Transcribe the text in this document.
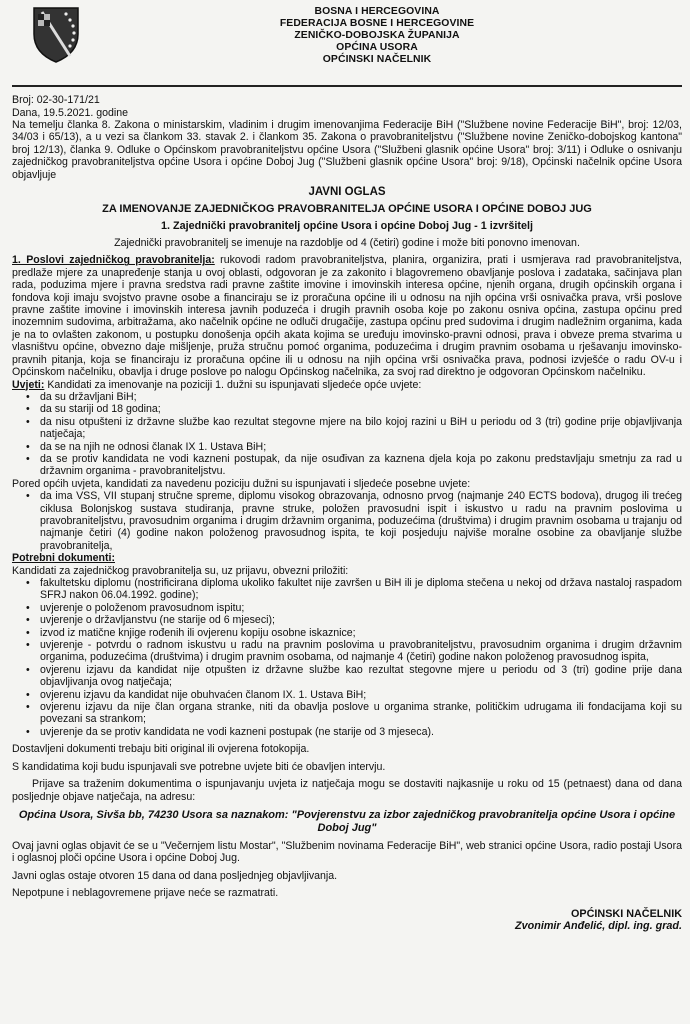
BOSNA I HERCEGOVINA
FEDERACIJA BOSNE I HERCEGOVINE
ZENIČKO-DOBOJSKA ŽUPANIJA
OPĆINA USORA
OPĆINSKI NAČELNIK
Broj: 02-30-171/21
Dana, 19.5.2021. godine
Na temelju članka 8. Zakona o ministarskim, vladinim i drugim imenovanjima Federacije BiH ("Službene novine Federacije BiH", broj: 12/03, 34/03 i 65/13), a u vezi sa člankom 33. stavak 2. i člankom 35. Zakona o pravobraniteljstvu ("Službene novine Zeničko-dobojskog kantona" broj 12/13), članka 9. Odluke o Općinskom pravobraniteljstvu općine Usora ("Službeni glasnik općine Usora" broj: 3/11) i Odluke o osnivanju zajedničkog pravobraniteljstva općine Usora i općine Doboj Jug ("Službeni glasnik općine Usora" broj: 9/18), Općinski načelnik općine Usora objavljuje
JAVNI OGLAS
ZA IMENOVANJE ZAJEDNIČKOG PRAVOBRANITELJA OPĆINE USORA I OPĆINE DOBOJ JUG
1. Zajednički pravobranitelj općine Usora i općine Doboj Jug - 1 izvršitelj
Zajednički pravobranitelj se imenuje na razdoblje od 4 (četiri) godine i može biti ponovno imenovan.
1. Poslovi zajedničkog pravobranitelja: rukovodi radom pravobraniteljstva, planira, organizira, prati i usmjerava rad pravobraniteljstva, predlaže mjere za unapređenje stanja u ovoj oblasti, odgovoran je za zakonito i blagovremeno obavljanje poslova i zadataka, sačinjava plan rada, poduzima mjere i pravna sredstva radi pravne zaštite imovine i imovinskih interesa općine, njenih organa, drugih općinskih organa i fondova koji imaju svojstvo pravne osobe a financiraju se iz proračuna općine ili u odnosu na njih općina vrši osnivačka prava, vrši poslove pravne zaštite imovine i imovinskih interesa javnih poduzeća i drugih pravnih osoba koje po zakonu osniva općina, zastupa općinu pred inozemnim sudovima, arbitražama, ako načelnik općine ne odluči drugačije, zastupa općinu pred sudovima i drugim nadležnim organima, kada je na to ovlašten zakonom, u postupku donošenja općih akata kojima se uređuju imovinsko-pravni odnosi, prava i obveze prema stvarima u vlasništvu općine, obvezno daje mišljenje, pruža stručnu pomoć organima, poduzećima i drugim pravnim osobama u rješavanju imovinsko-pravnih pitanja, koja se financiraju iz proračuna općine ili u odnosu na njih općina vrši osnivačka prava, podnosi izvješće o radu OV-u i Općinskom načelniku, obavlja i druge poslove po nalogu Općinskog načelnika, za svoj rad direktno je odgovoran Općinskom načelniku.
Uvjeti: Kandidati za imenovanje na poziciji 1. dužni su ispunjavati sljedeće opće uvjete:
• da su državljani BiH;
• da su stariji od 18 godina;
• da nisu otpušteni iz državne službe kao rezultat stegovne mjere na bilo kojoj razini u BiH u periodu od 3 (tri) godine prije objavljivanja natječaja;
• da se na njih ne odnosi članak IX 1. Ustava BiH;
• da se protiv kandidata ne vodi kazneni postupak, da nije osuđivan za kaznena djela koja po zakonu predstavljaju smetnju za rad u državnim organima - pravobraniteljstvu.
Pored općih uvjeta, kandidati za navedenu poziciju dužni su ispunjavati i sljedeće posebne uvjete:
• da ima VSS, VII stupanj stručne spreme, diplomu visokog obrazovanja, odnosno prvog (najmanje 240 ECTS bodova), drugog ili trećeg ciklusa Bolonjskog sustava studiranja, pravne struke, položen pravosudni ispit i iskustvo u radu na pravnim poslovima u pravobraniteljstvu, pravosudnim organima i drugim državnim organima, poduzećima (društvima) i drugim pravnim osobama u trajanju od najmanje četiri (4) godine nakon položenog pravosudnog ispita, te koji posjeduju najviše moralne osobine za obavljanje službe pravobranitelja,
Potrebni dokumenti:
Kandidati za zajedničkog pravobranitelja su, uz prijavu, obvezni priložiti:
• fakultetsku diplomu (nostrificirana diploma ukoliko fakultet nije završen u BiH ili je diploma stečena u nekoj od država nastaloj raspadom SFRJ nakon 06.04.1992. godine);
• uvjerenje o položenom pravosudnom ispitu;
• uvjerenje o državljanstvu (ne starije od 6 mjeseci);
• izvod iz matične knjige rođenih ili ovjerenu kopiju osobne iskaznice;
• uvjerenje - potvrdu o radnom iskustvu u radu na pravnim poslovima u pravobraniteljstvu, pravosudnim organima i drugim državnim organima, poduzećima (društvima) i drugim pravnim osobama, od najmanje 4 (četiri) godine nakon položenog pravosudnog ispita,
• ovjerenu izjavu da kandidat nije otpušten iz državne službe kao rezultat stegovne mjere u periodu od 3 (tri) godine prije dana objavljivanja ovog natječaja;
• ovjerenu izjavu da kandidat nije obuhvaćen članom IX. 1. Ustava BiH;
• ovjerenu izjavu da nije član organa stranke, niti da obavlja poslove u organima stranke, političkim udrugama ili fondacijama koji su povezani sa strankom;
• uvjerenje da se protiv kandidata ne vodi kazneni postupak (ne starije od 3 mjeseca).
Dostavljeni dokumenti trebaju biti original ili ovjerena fotokopija.
S kandidatima koji budu ispunjavali sve potrebne uvjete biti će obavljen intervju.
Prijave sa traženim dokumentima o ispunjavanju uvjeta iz natječaja mogu se dostaviti najkasnije u roku od 15 (petnaest) dana od dana posljednje objave natječaja, na adresu:
Općina Usora, Sivša bb, 74230 Usora sa naznakom: "Povjerenstvu za izbor zajedničkog pravobranitelja općine Usora i općine Doboj Jug"
Ovaj javni oglas objavit će se u "Večernjem listu Mostar", "Službenim novinama Federacije BiH", web stranici općine Usora, radio postaji Usora i oglasnoj ploči općine Usora i općine Doboj Jug.
Javni oglas ostaje otvoren 15 dana od dana posljednjeg objavljivanja.
Nepotpune i neblagovremene prijave neće se razmatrati.
OPĆINSKI NAČELNIK
Zvonimir Anđelić, dipl. ing. grad.
